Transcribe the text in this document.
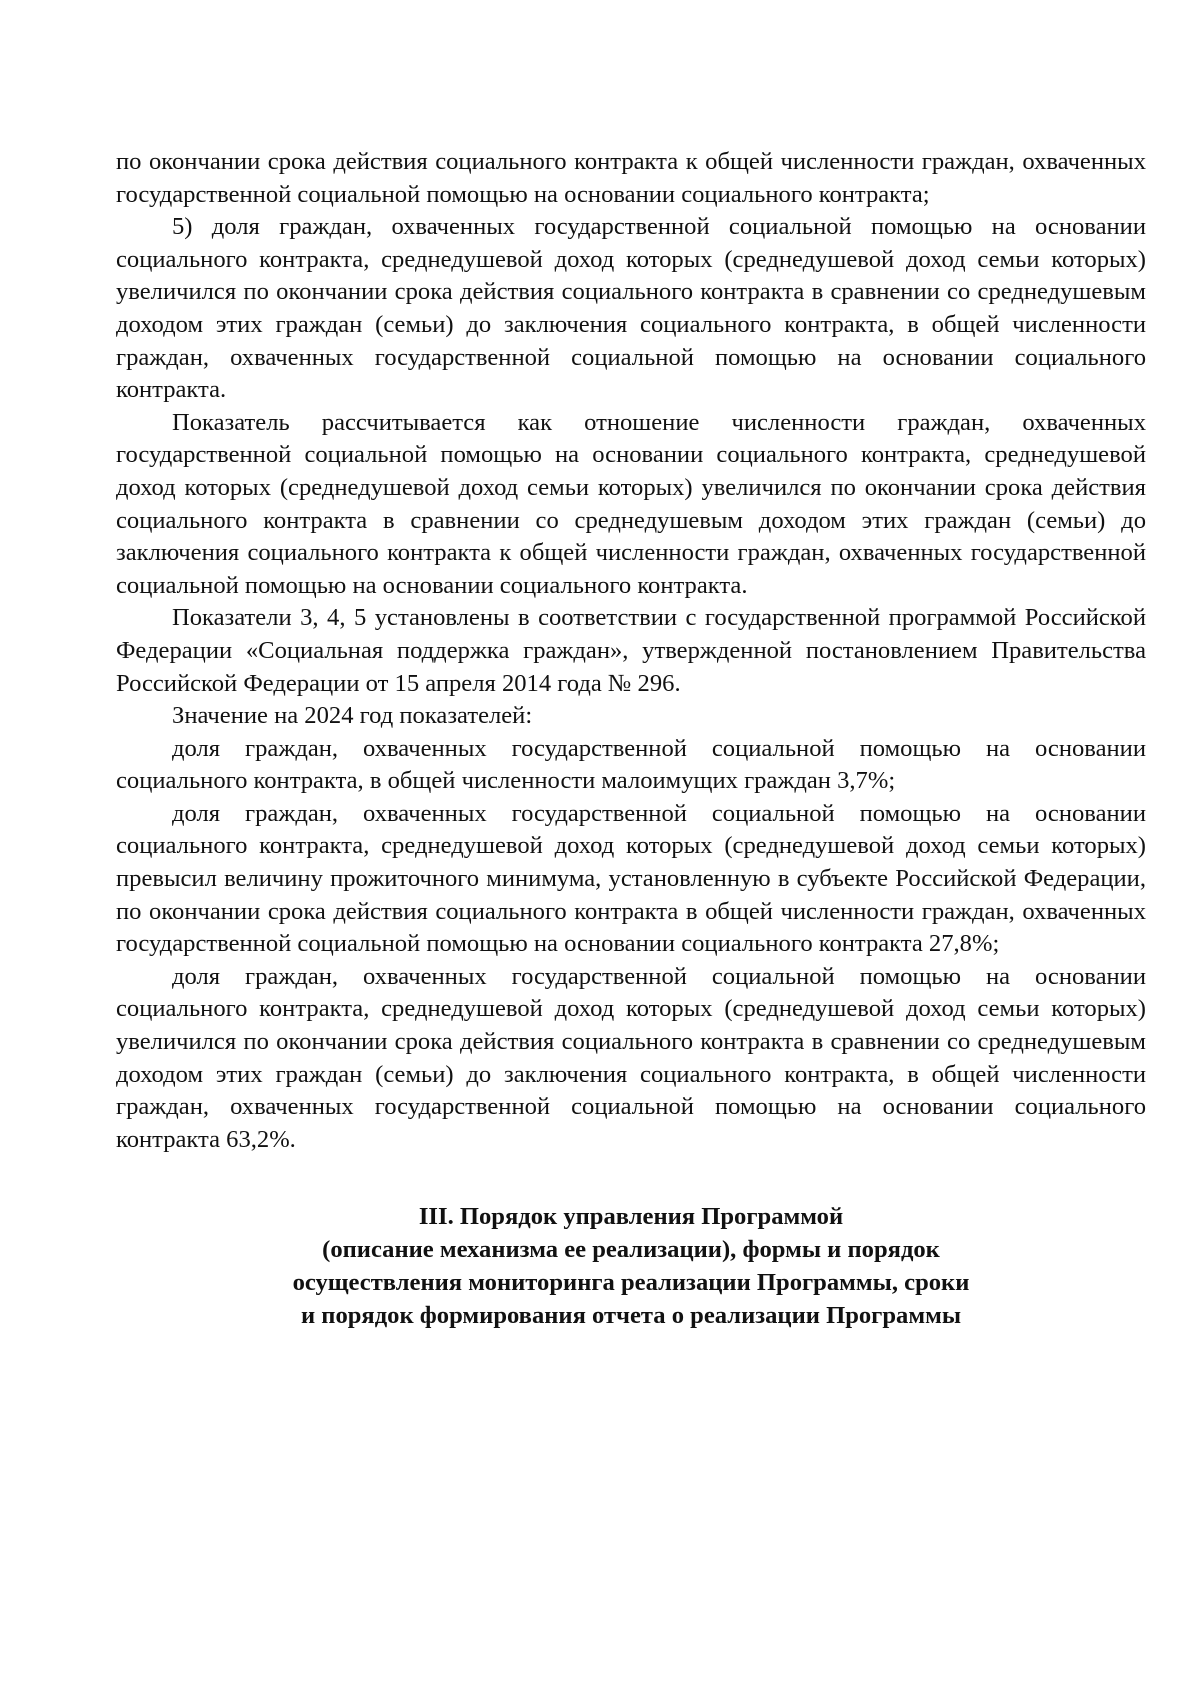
по окончании срока действия социального контракта к общей численности граждан, охваченных государственной социальной помощью на основании социального контракта;

5) доля граждан, охваченных государственной социальной помощью на основании социального контракта, среднедушевой доход которых (среднедушевой доход семьи которых) увеличился по окончании срока действия социального контракта в сравнении со среднедушевым доходом этих граждан (семьи) до заключения социального контракта, в общей численности граждан, охваченных государственной социальной помощью на основании социального контракта.

Показатель рассчитывается как отношение численности граждан, охваченных государственной социальной помощью на основании социального контракта, среднедушевой доход которых (среднедушевой доход семьи которых) увеличился по окончании срока действия социального контракта в сравнении со среднедушевым доходом этих граждан (семьи) до заключения социального контракта к общей численности граждан, охваченных государственной социальной помощью на основании социального контракта.

Показатели 3, 4, 5 установлены в соответствии с государственной программой Российской Федерации «Социальная поддержка граждан», утвержденной постановлением Правительства Российской Федерации от 15 апреля 2014 года № 296.

Значение на 2024 год показателей:

доля граждан, охваченных государственной социальной помощью на основании социального контракта, в общей численности малоимущих граждан 3,7%;

доля граждан, охваченных государственной социальной помощью на основании социального контракта, среднедушевой доход которых (среднедушевой доход семьи которых) превысил величину прожиточного минимума, установленную в субъекте Российской Федерации, по окончании срока действия социального контракта в общей численности граждан, охваченных государственной социальной помощью на основании социального контракта 27,8%;

доля граждан, охваченных государственной социальной помощью на основании социального контракта, среднедушевой доход которых (среднедушевой доход семьи которых) увеличился по окончании срока действия социального контракта в сравнении со среднедушевым доходом этих граждан (семьи) до заключения социального контракта, в общей численности граждан, охваченных государственной социальной помощью на основании социального контракта 63,2%.

III. Порядок управления Программой
(описание механизма ее реализации), формы и порядок
осуществления мониторинга реализации Программы, сроки
и порядок формирования отчета о реализации Программы
